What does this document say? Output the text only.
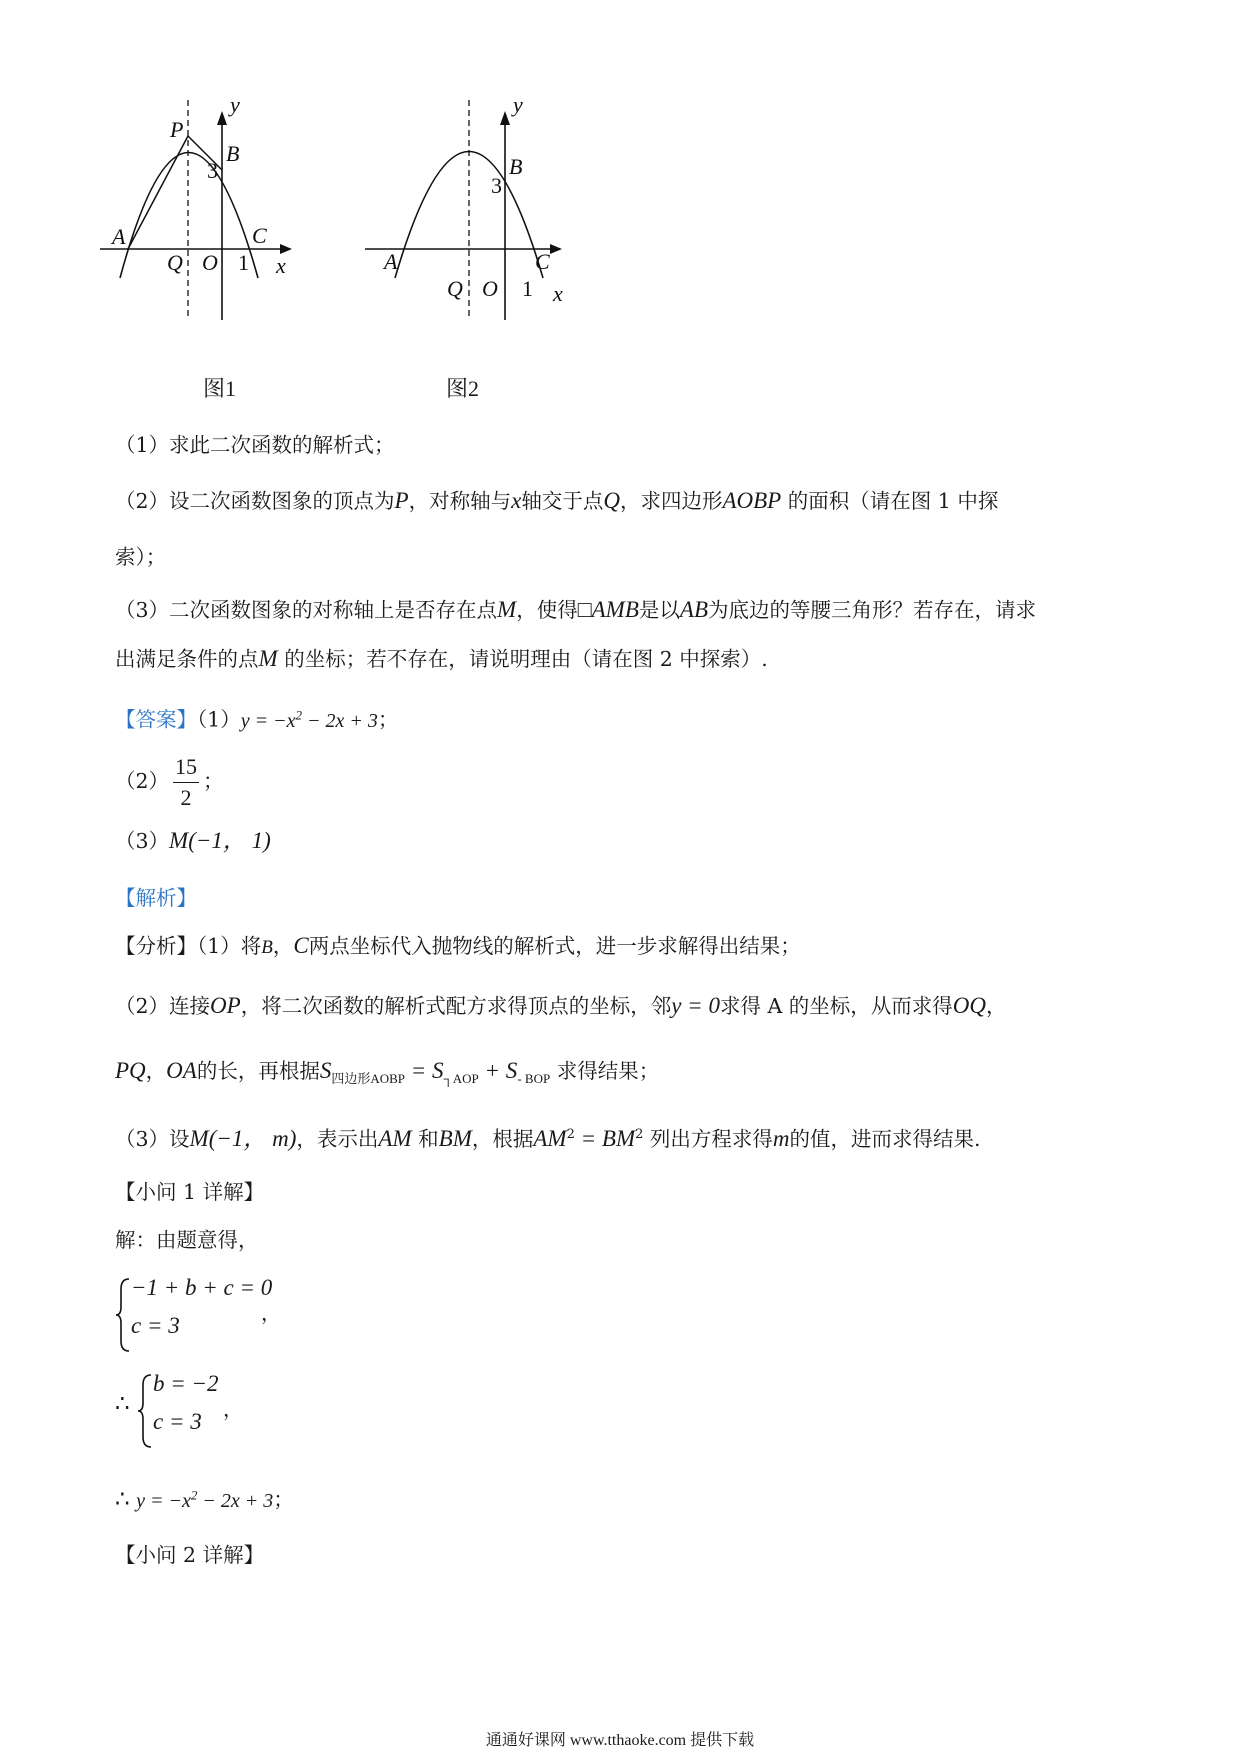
P
y
B
3
A	C
Q O 1 x
图1
y
B
3
A	C
Q O 1 x
图2
（1）求此二次函数的解析式；
（2）设二次函数图象的顶点为P，对称轴与x轴交于点Q，求四边形AOBP 的面积（请在图 1 中探
索）；
（3）二次函数图象的对称轴上是否存在点M，使得□AMB是以AB为底边的等腰三角形？若存在，请求
出满足条件的点M 的坐标；若不存在，请说明理由（请在图 2 中探索）.
【答案】$(1)y = -x^2 - 2x + 3$；
$(2) \frac{15}{2}$ ；
（3）M(−1， 1)
【解析】
【分析】（1）将B，C两点坐标代入抛物线的解析式，进一步求解得出结果；
（2）连接OP，将二次函数的解析式配方求得顶点的坐标，邻y = 0求得 A 的坐标，从而求得OQ，
PQ，OA的长，再根据$S_{四边形AOBP} = S_{┐AOP} + S_{- BOP}$ 求得结果；
（3）设M(−1， m)，表示出AM 和BM，根据$AM^2 = BM^2$ 列出方程求得m的值，进而求得结果.
【小问 1 详解】
解：由题意得，
−1 + b + c = 0
c = 3	，
∴
b = −2
c = 3 ，
∴ $y = -x^2 - 2x + 3$；
【小问 2 详解】
通通好课网 www.tthaoke.com 提供下载
